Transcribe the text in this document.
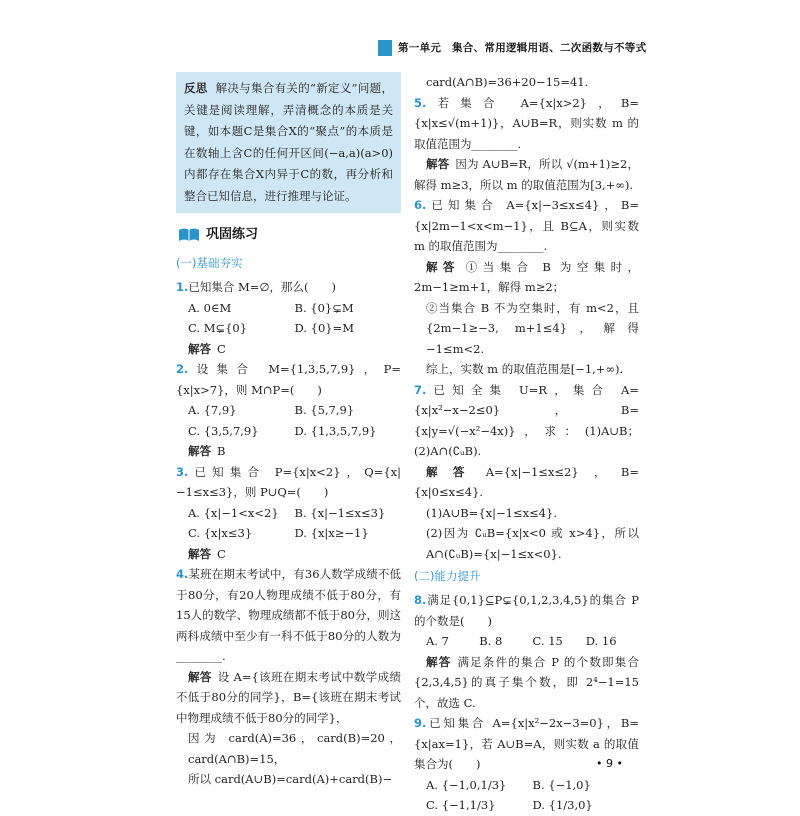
第一单元　集合、常用逻辑用语、二次函数与不等式
反思 解决与集合有关的“新定义”问题，关键是阅读理解，弄清概念的本质是关键，如本题C是集合X的“聚点”的本质是在数轴上含C的任何开区间(−a,a)(a>0)内都存在集合X内异于C的数，再分析和整合已知信息，进行推理与论证。
巩固练习
(一)基础夯实

1.已知集合 M=∅，那么(　　)

A. 0∈M	B. {0}⊊M
C. M⊊{0}	D. {0}=M

解答 C

2.设集合 M={1,3,5,7,9}，P={x|x>7}，则 M∩P=(　　)

A. {7,9}	B. {5,7,9}
C. {3,5,7,9}	D. {1,3,5,7,9}

解答 B

3.已知集合 P={x|x<2}，Q={x|−1≤x≤3}，则 P∪Q=(　　)

A. {x|−1<x<2}	B. {x|−1≤x≤3}
C. {x|x≤3}	D. {x|x≥−1}

解答 C

4.某班在期末考试中，有36人数学成绩不低于80分，有20人物理成绩不低于80分，有15人的数学、物理成绩都不低于80分，则这两科成绩中至少有一科不低于80分的人数为________.

解答 设 A={该班在期末考试中数学成绩不低于80分的同学}，B={该班在期末考试中物理成绩不低于80分的同学}，

因为 card(A)=36，card(B)=20，card(A∩B)=15，

所以 card(A∪B)=card(A)+card(B)−

card(A∩B)=36+20−15=41.

5.若集合 A={x|x>2}，B={x|x≤√(m+1)}，A∪B=R，则实数 m 的取值范围为________.

解答 因为 A∪B=R，所以 √(m+1)≥2，解得 m≥3，所以 m 的取值范围为[3,+∞).

6.已知集合 A={x|−3≤x≤4}，B={x|2m−1<x<m−1}，且 B⊆A，则实数 m 的取值范围为________.

解答 ①当集合 B 为空集时，2m−1≥m+1，解得 m≥2；

②当集合 B 不为空集时，有 m<2，且 {2m−1≥−3, m+1≤4}，解得 −1≤m<2.

综上，实数 m 的取值范围是[−1,+∞).

7.已知全集 U=R，集合 A={x|x²−x−2≤0}，B={x|y=√(−x²−4x)}，求：(1)A∪B；(2)A∩(∁ᵤB).

解答 A={x|−1≤x≤2}，B={x|0≤x≤4}.

(1)A∪B={x|−1≤x≤4}.

(2)因为 ∁ᵤB={x|x<0 或 x>4}，所以 A∩(∁ᵤB)={x|−1≤x<0}.

(二)能力提升

8.满足{0,1}⊆P⊊{0,1,2,3,4,5}的集合 P 的个数是(　　)

A. 7	B. 8	C. 15	D. 16

解答 满足条件的集合 P 的个数即集合{2,3,4,5}的真子集个数，即 2⁴−1=15 个，故选 C.

9.已知集合 A={x|x²−2x−3=0}，B={x|ax=1}，若 A∪B=A，则实数 a 的取值集合为(　　)

A. {−1,0,1/3}	B. {−1,0}
C. {−1,1/3}	D. {1/3,0}
• 9 •
